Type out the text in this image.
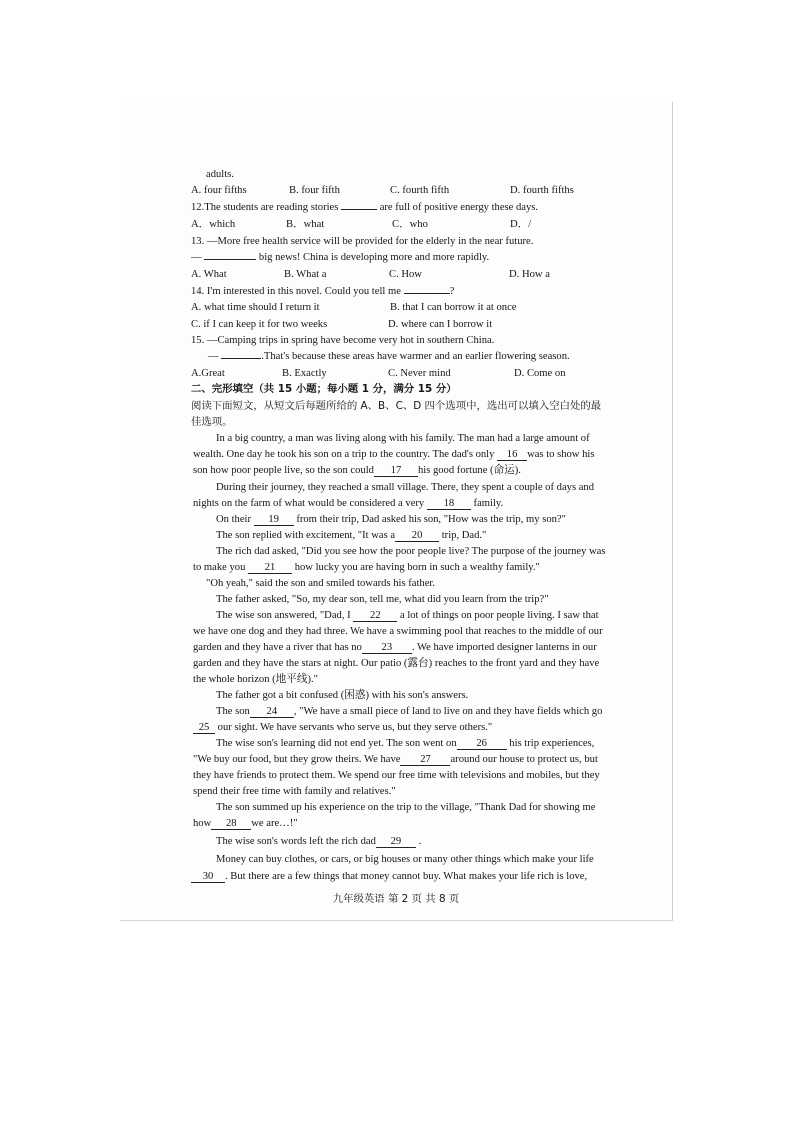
adults.
A. four fifths	B. four fifth	C. fourth fifth	D. fourth fifths
12.The students are reading stories	are full of positive energy these days.
A．which	B．what	C．who	D．/
13. —More free health service will be provided for the elderly in the near future.
—	big news! China is developing more and more rapidly.
A. What	B. What a	C. How	D. How a
14. I'm interested in this novel. Could you tell me	?
A. what time should I return it	B. that I can borrow it at once
C. if I can keep it for two weeks	D. where can I borrow it
15. —Camping trips in spring have become very hot in southern China.
—	.That's because these areas have warmer and an earlier flowering season.
A.Great	B. Exactly	C. Never mind	D. Come on
二、完形填空（共 15 小题；每小题 1 分，满分 15 分）
阅读下面短文，从短文后每题所给的 A、B、C、D 四个选项中，选出可以填入空白处的最
佳选项。
In a big country, a man was living along with his family. The man had a large amount of
wealth. One day he took his son on a trip to the country. The dad's only 16 was to show his
son how poor people live, so the son could 17 his good fortune (命运).
During their journey, they reached a small village. There, they spent a couple of days and
nights on the farm of what would be considered a very 18 family.
On their 19 from their trip, Dad asked his son, "How was the trip, my son?"
The son replied with excitement, "It was a 20 trip, Dad."
The rich dad asked, "Did you see how the poor people live? The purpose of the journey was
to make you 21 how lucky you are having born in such a wealthy family."
"Oh yeah," said the son and smiled towards his father.
The father asked, "So, my dear son, tell me, what did you learn from the trip?"
The wise son answered, "Dad, I 22 a lot of things on poor people living. I saw that
we have one dog and they had three. We have a swimming pool that reaches to the middle of our
garden and they have a river that has no 23 . We have imported designer lanterns in our
garden and they have the stars at night. Our patio (露台) reaches to the front yard and they have
the whole horizon (地平线)."
The father got a bit confused (困惑) with his son's answers.
The son 24 , "We have a small piece of land to live on and they have fields which go
25 our sight. We have servants who serve us, but they serve others."
The wise son's learning did not end yet. The son went on 26 his trip experiences,
"We buy our food, but they grow theirs. We have 27 around our house to protect us, but
they have friends to protect them. We spend our free time with televisions and mobiles, but they
spend their free time with family and relatives."
The son summed up his experience on the trip to the village, "Thank Dad for showing me
how 28 we are…!"
The wise son's words left the rich dad 29 .
Money can buy clothes, or cars, or big houses or many other things which make your life
30 . But there are a few things that money cannot buy. What makes your life rich is love,
九年级英语 第 2 页 共 8 页
